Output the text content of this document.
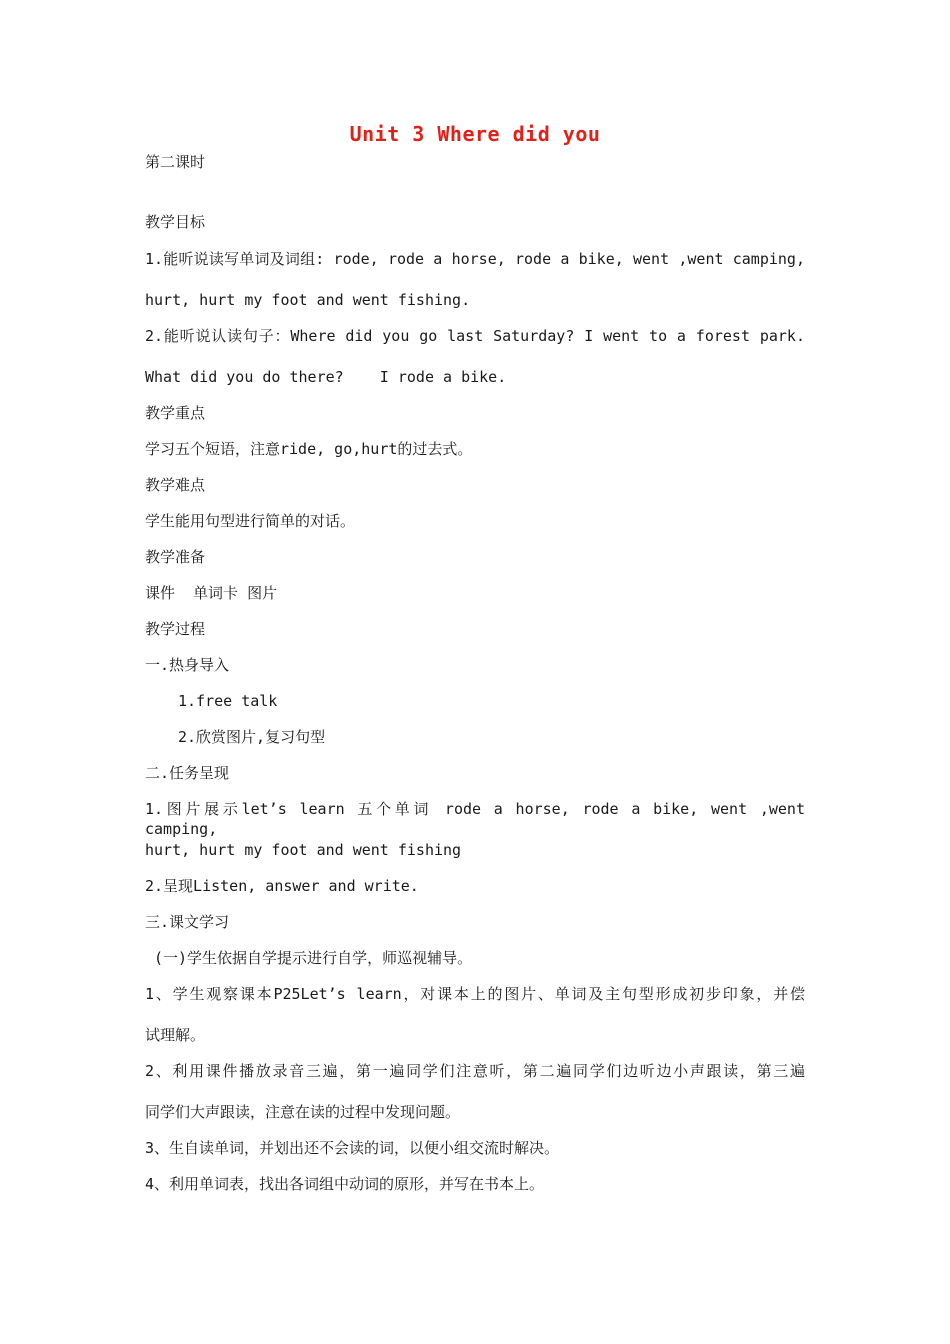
Unit 3 Where did you
第二课时
教学目标
1.能听说读写单词及词组: rode, rode a horse, rode a bike, went ,went camping,
hurt, hurt my foot and went fishing.
2.能听说认读句子：Where did you go last Saturday? I went to a forest park.
What did you do there?    I rode a bike.
教学重点
学习五个短语，注意ride, go,hurt的过去式。
教学难点
学生能用句型进行简单的对话。
教学准备
课件  单词卡 图片
教学过程
一.热身导入
1.free talk
2.欣赏图片,复习句型
二.任务呈现
1.图片展示let’s learn 五个单词 rode a horse, rode a bike, went ,went camping,
hurt, hurt my foot and went fishing
2.呈现Listen, answer and write.
三.课文学习
(一)学生依据自学提示进行自学，师巡视辅导。
1、学生观察课本P25Let’s learn，对课本上的图片、单词及主句型形成初步印象，并偿
试理解。
2、利用课件播放录音三遍，第一遍同学们注意听，第二遍同学们边听边小声跟读，第三遍
同学们大声跟读，注意在读的过程中发现问题。
3、生自读单词，并划出还不会读的词，以便小组交流时解决。
4、利用单词表，找出各词组中动词的原形，并写在书本上。
